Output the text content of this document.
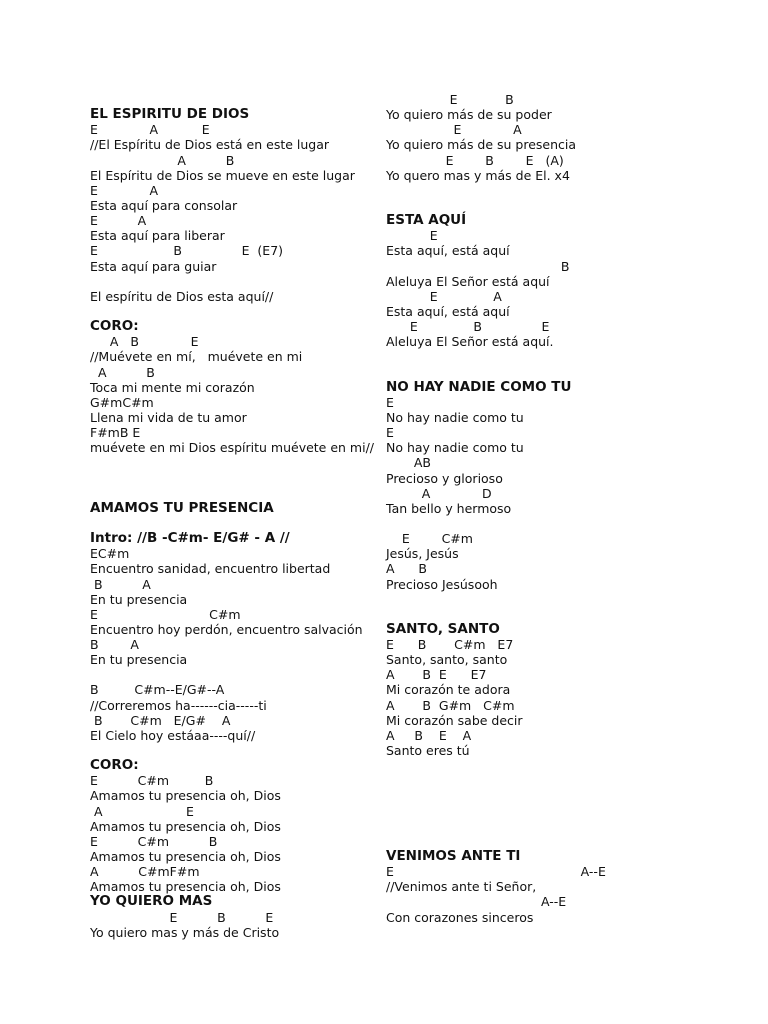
EL ESPIRITU DE DIOS
E             A           E
//El Espíritu de Dios está en este lugar
A          B
El Espíritu de Dios se mueve en este lugar
E             A
Esta aquí para consolar
E          A
Esta aquí para liberar
E                   B               E  (E7)
Esta aquí para guiar
El espíritu de Dios esta aquí//
CORO:
A   B             E
//Muévete en mí,   muévete en mi
A          B
Toca mi mente mi corazón
G#mC#m
Llena mi vida de tu amor
F#mB E
muévete en mi Dios espíritu muévete en mi//
AMAMOS TU PRESENCIA
Intro: //B -C#m- E/G# - A //
EC#m
Encuentro sanidad, encuentro libertad
B          A
En tu presencia
E                            C#m
Encuentro hoy perdón, encuentro salvación
B        A
En tu presencia
B         C#m--E/G#--A
//Correremos ha------cia-----ti
B       C#m   E/G#    A
El Cielo hoy estáaa----quí//
CORO:
E          C#m         B
Amamos tu presencia oh, Dios
A                     E
Amamos tu presencia oh, Dios
E          C#m          B
Amamos tu presencia oh, Dios
A          C#mF#m
Amamos tu presencia oh, Dios
YO QUIERO MAS
E          B          E
Yo quiero mas y más de Cristo
E            B
Yo quiero más de su poder
E             A
Yo quiero más de su presencia
E        B        E   (A)
Yo quero mas y más de El. x4
ESTA AQUÍ
E
Esta aquí, está aquí
B
Aleluya El Señor está aquí
E              A
Esta aquí, está aquí
E              B               E
Aleluya El Señor está aquí.
NO HAY NADIE COMO TU
E
No hay nadie como tu
E
No hay nadie como tu
AB
Precioso y glorioso
A             D
Tan bello y hermoso
E        C#m
Jesús, Jesús
A      B
Precioso Jesúsooh
SANTO, SANTO
E      B       C#m   E7
Santo, santo, santo
A       B  E      E7
Mi corazón te adora
A       B  G#m   C#m
Mi corazón sabe decir
A     B    E    A
Santo eres tú
VENIMOS ANTE TI
E                                               A--E
//Venimos ante ti Señor,
A--E
Con corazones sinceros
